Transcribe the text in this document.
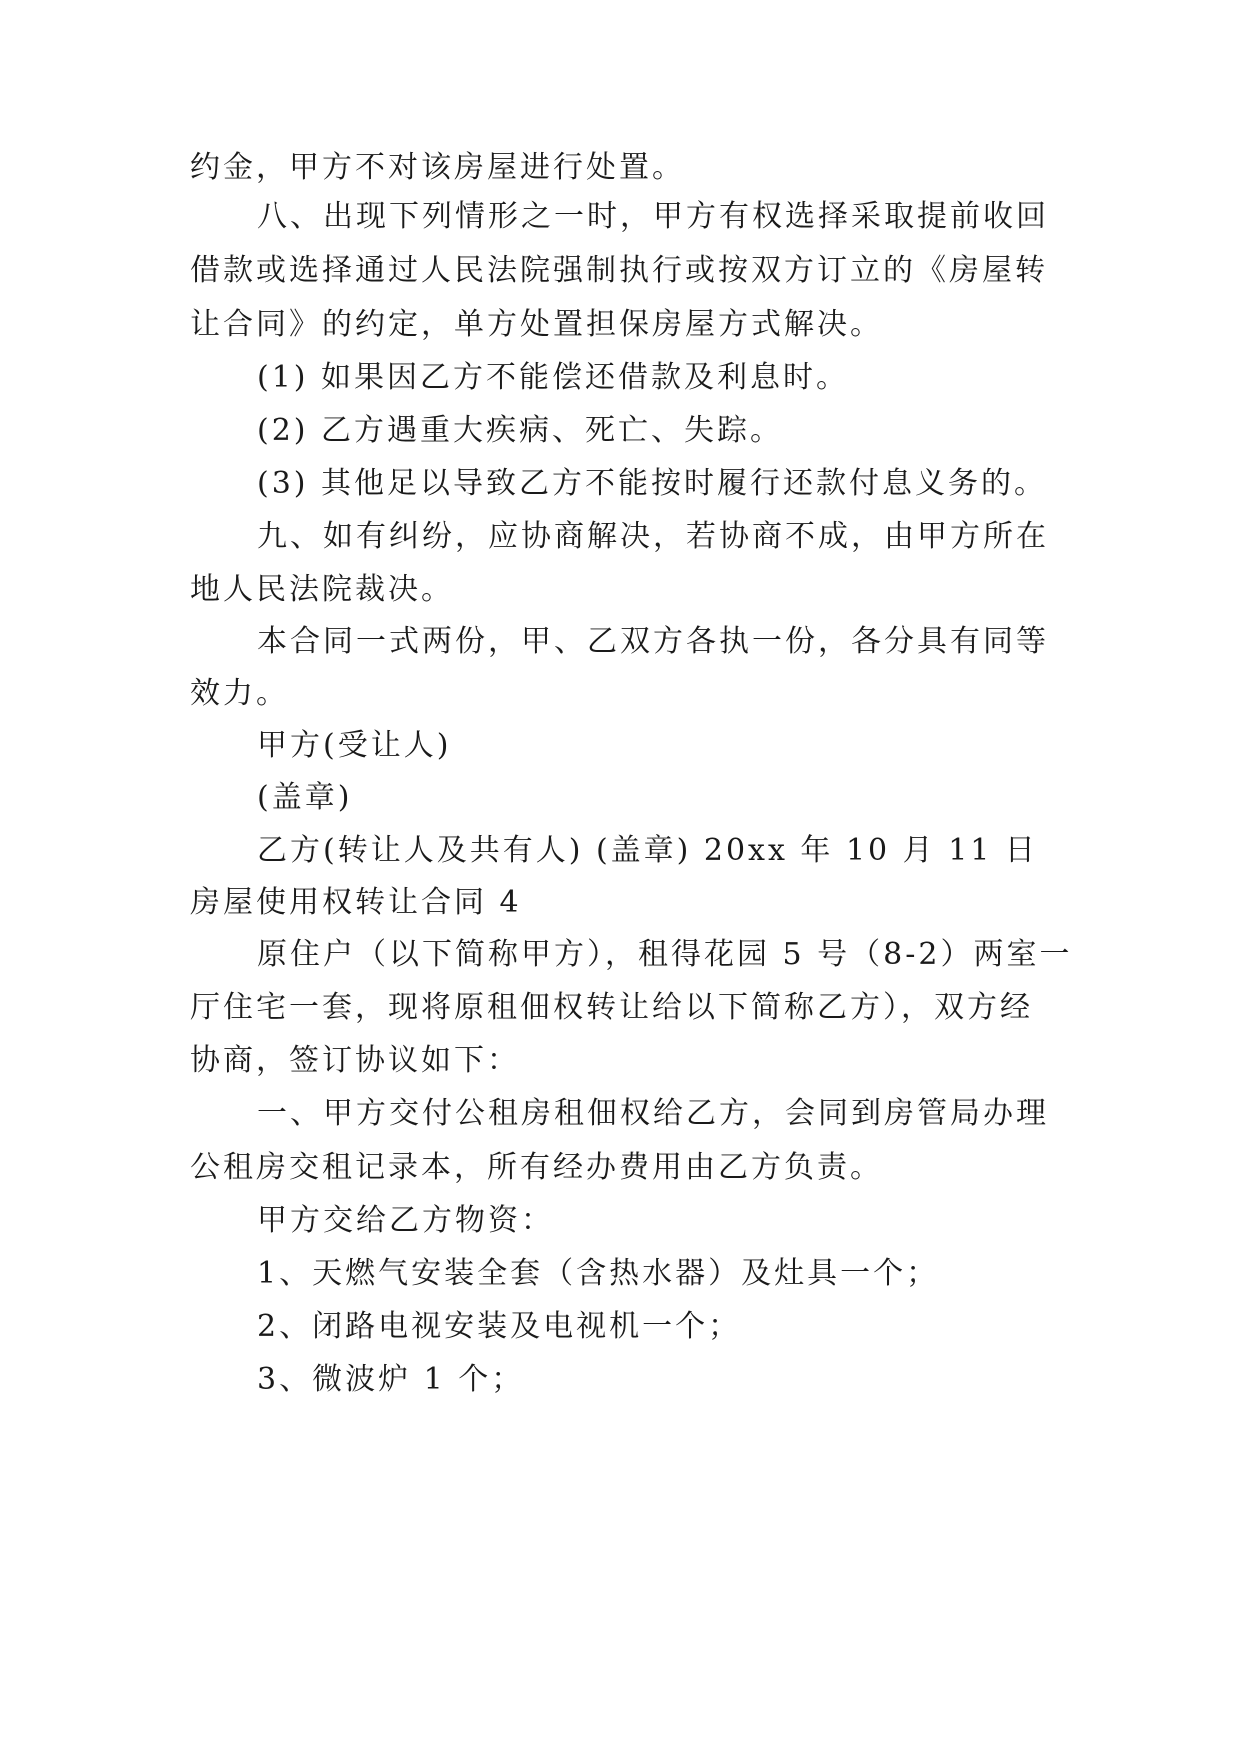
约金，甲方不对该房屋进行处置。

八、出现下列情形之一时，甲方有权选择采取提前收回

借款或选择通过人民法院强制执行或按双方订立的《房屋转

让合同》的约定，单方处置担保房屋方式解决。

(1) 如果因乙方不能偿还借款及利息时。

(2) 乙方遇重大疾病、死亡、失踪。

(3) 其他足以导致乙方不能按时履行还款付息义务的。

九、如有纠纷，应协商解决，若协商不成，由甲方所在

地人民法院裁决。

本合同一式两份，甲、乙双方各执一份，各分具有同等

效力。

甲方(受让人)

(盖章)

乙方(转让人及共有人) (盖章) 20xx 年 10 月 11 日

房屋使用权转让合同 4

原住户（以下简称甲方），租得花园 5 号（8-2）两室一

厅住宅一套，现将原租佃权转让给以下简称乙方），双方经

协商，签订协议如下：

一、甲方交付公租房租佃权给乙方，会同到房管局办理

公租房交租记录本，所有经办费用由乙方负责。

甲方交给乙方物资：

1、天燃气安装全套（含热水器）及灶具一个；

2、闭路电视安装及电视机一个；

3、微波炉 1 个；
